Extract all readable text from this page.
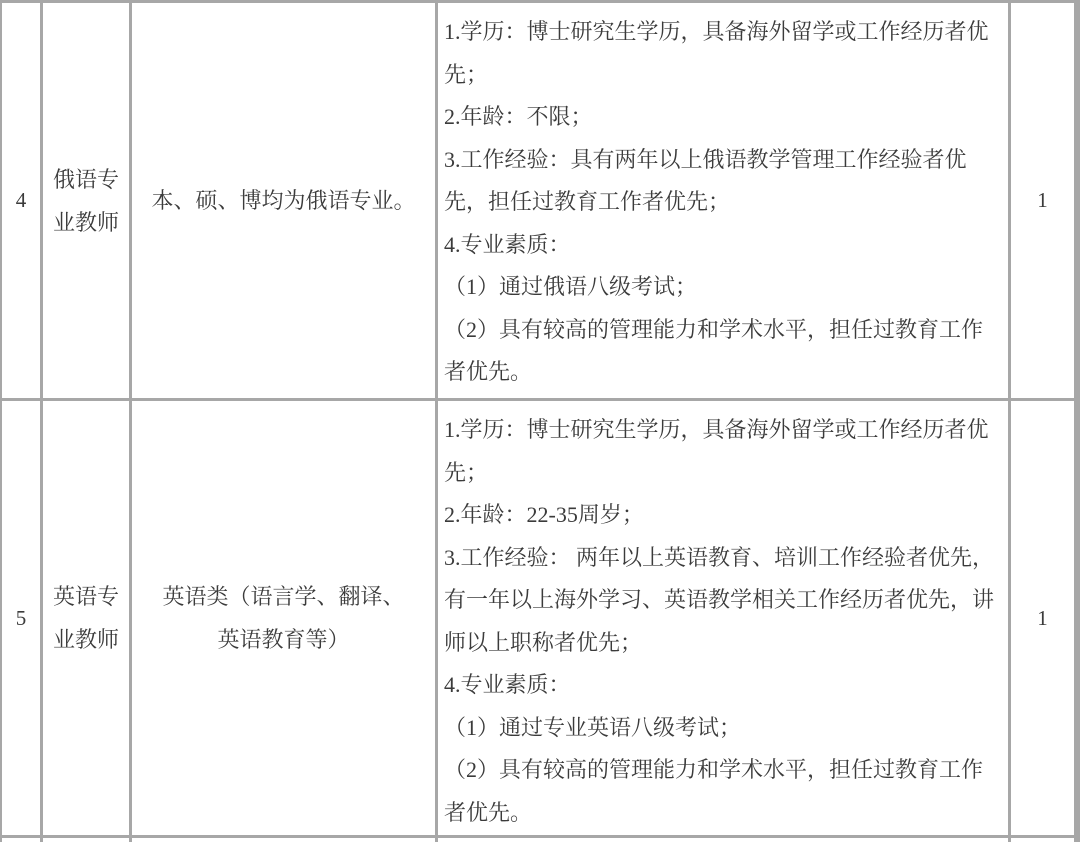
4
俄语专业教师
本、硕、博均为俄语专业。

1.学历：博士研究生学历，具备海外留学或工作经历者优先；

2.年龄：不限；

3.工作经验：具有两年以上俄语教学管理工作经验者优先，担任过教育工作者优先；

4.专业素质：

（1）通过俄语八级考试；

（2）具有较高的管理能力和学术水平，担任过教育工作者优先。

1
5
英语专业教师
英语类（语言学、翻译、
英语教育等）

1.学历：博士研究生学历，具备海外留学或工作经历者优先；

2.年龄：22-35周岁；

3.工作经验： 两年以上英语教育、培训工作经验者优先，有一年以上海外学习、英语教学相关工作经历者优先，讲师以上职称者优先；

4.专业素质：

（1）通过专业英语八级考试；

（2）具有较高的管理能力和学术水平，担任过教育工作者优先。

1
